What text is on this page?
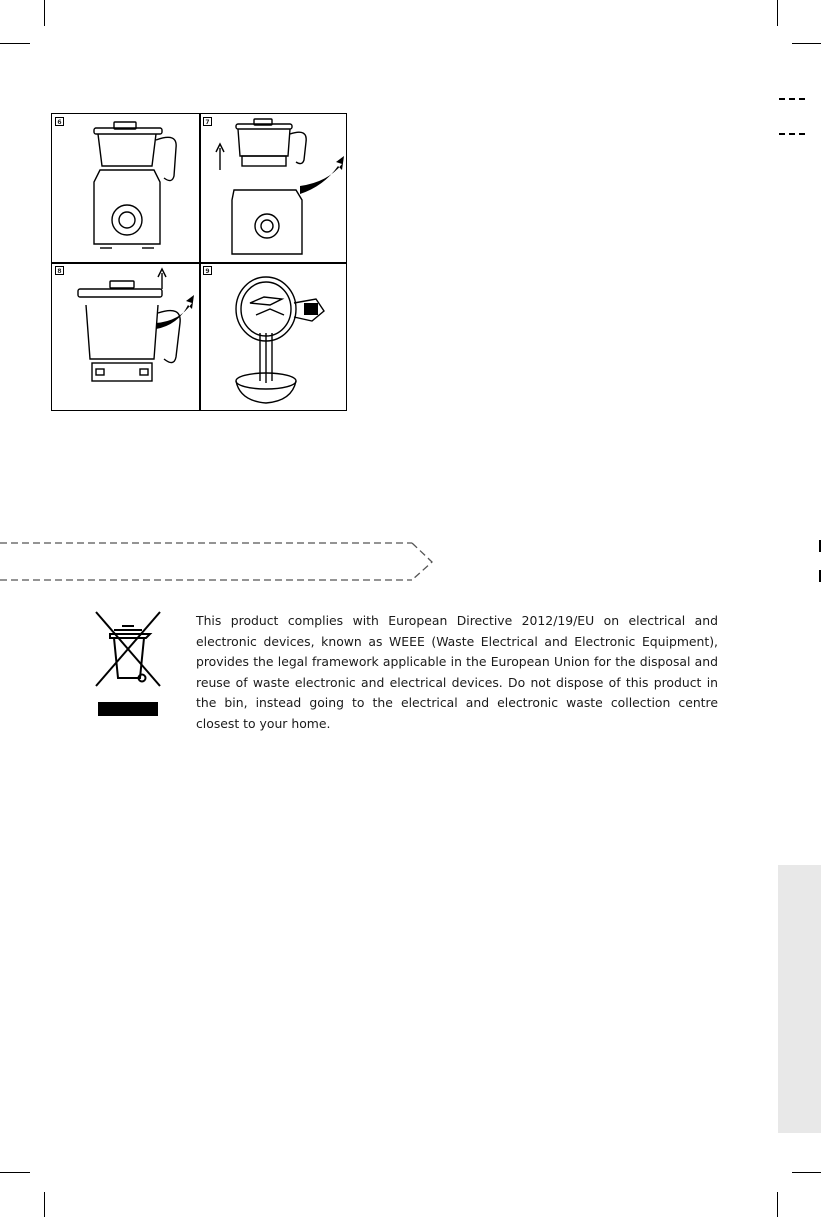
6	7
8	9

This product complies with European Directive 2012/19/EU on electrical and electronic devices, known as WEEE (Waste Electrical and Electronic Equipment), provides the legal framework applicable in the European Union for the disposal and reuse of waste electronic and electrical devices. Do not dispose of this product in the bin, instead going to the electrical and electronic waste collection centre closest to your home.
